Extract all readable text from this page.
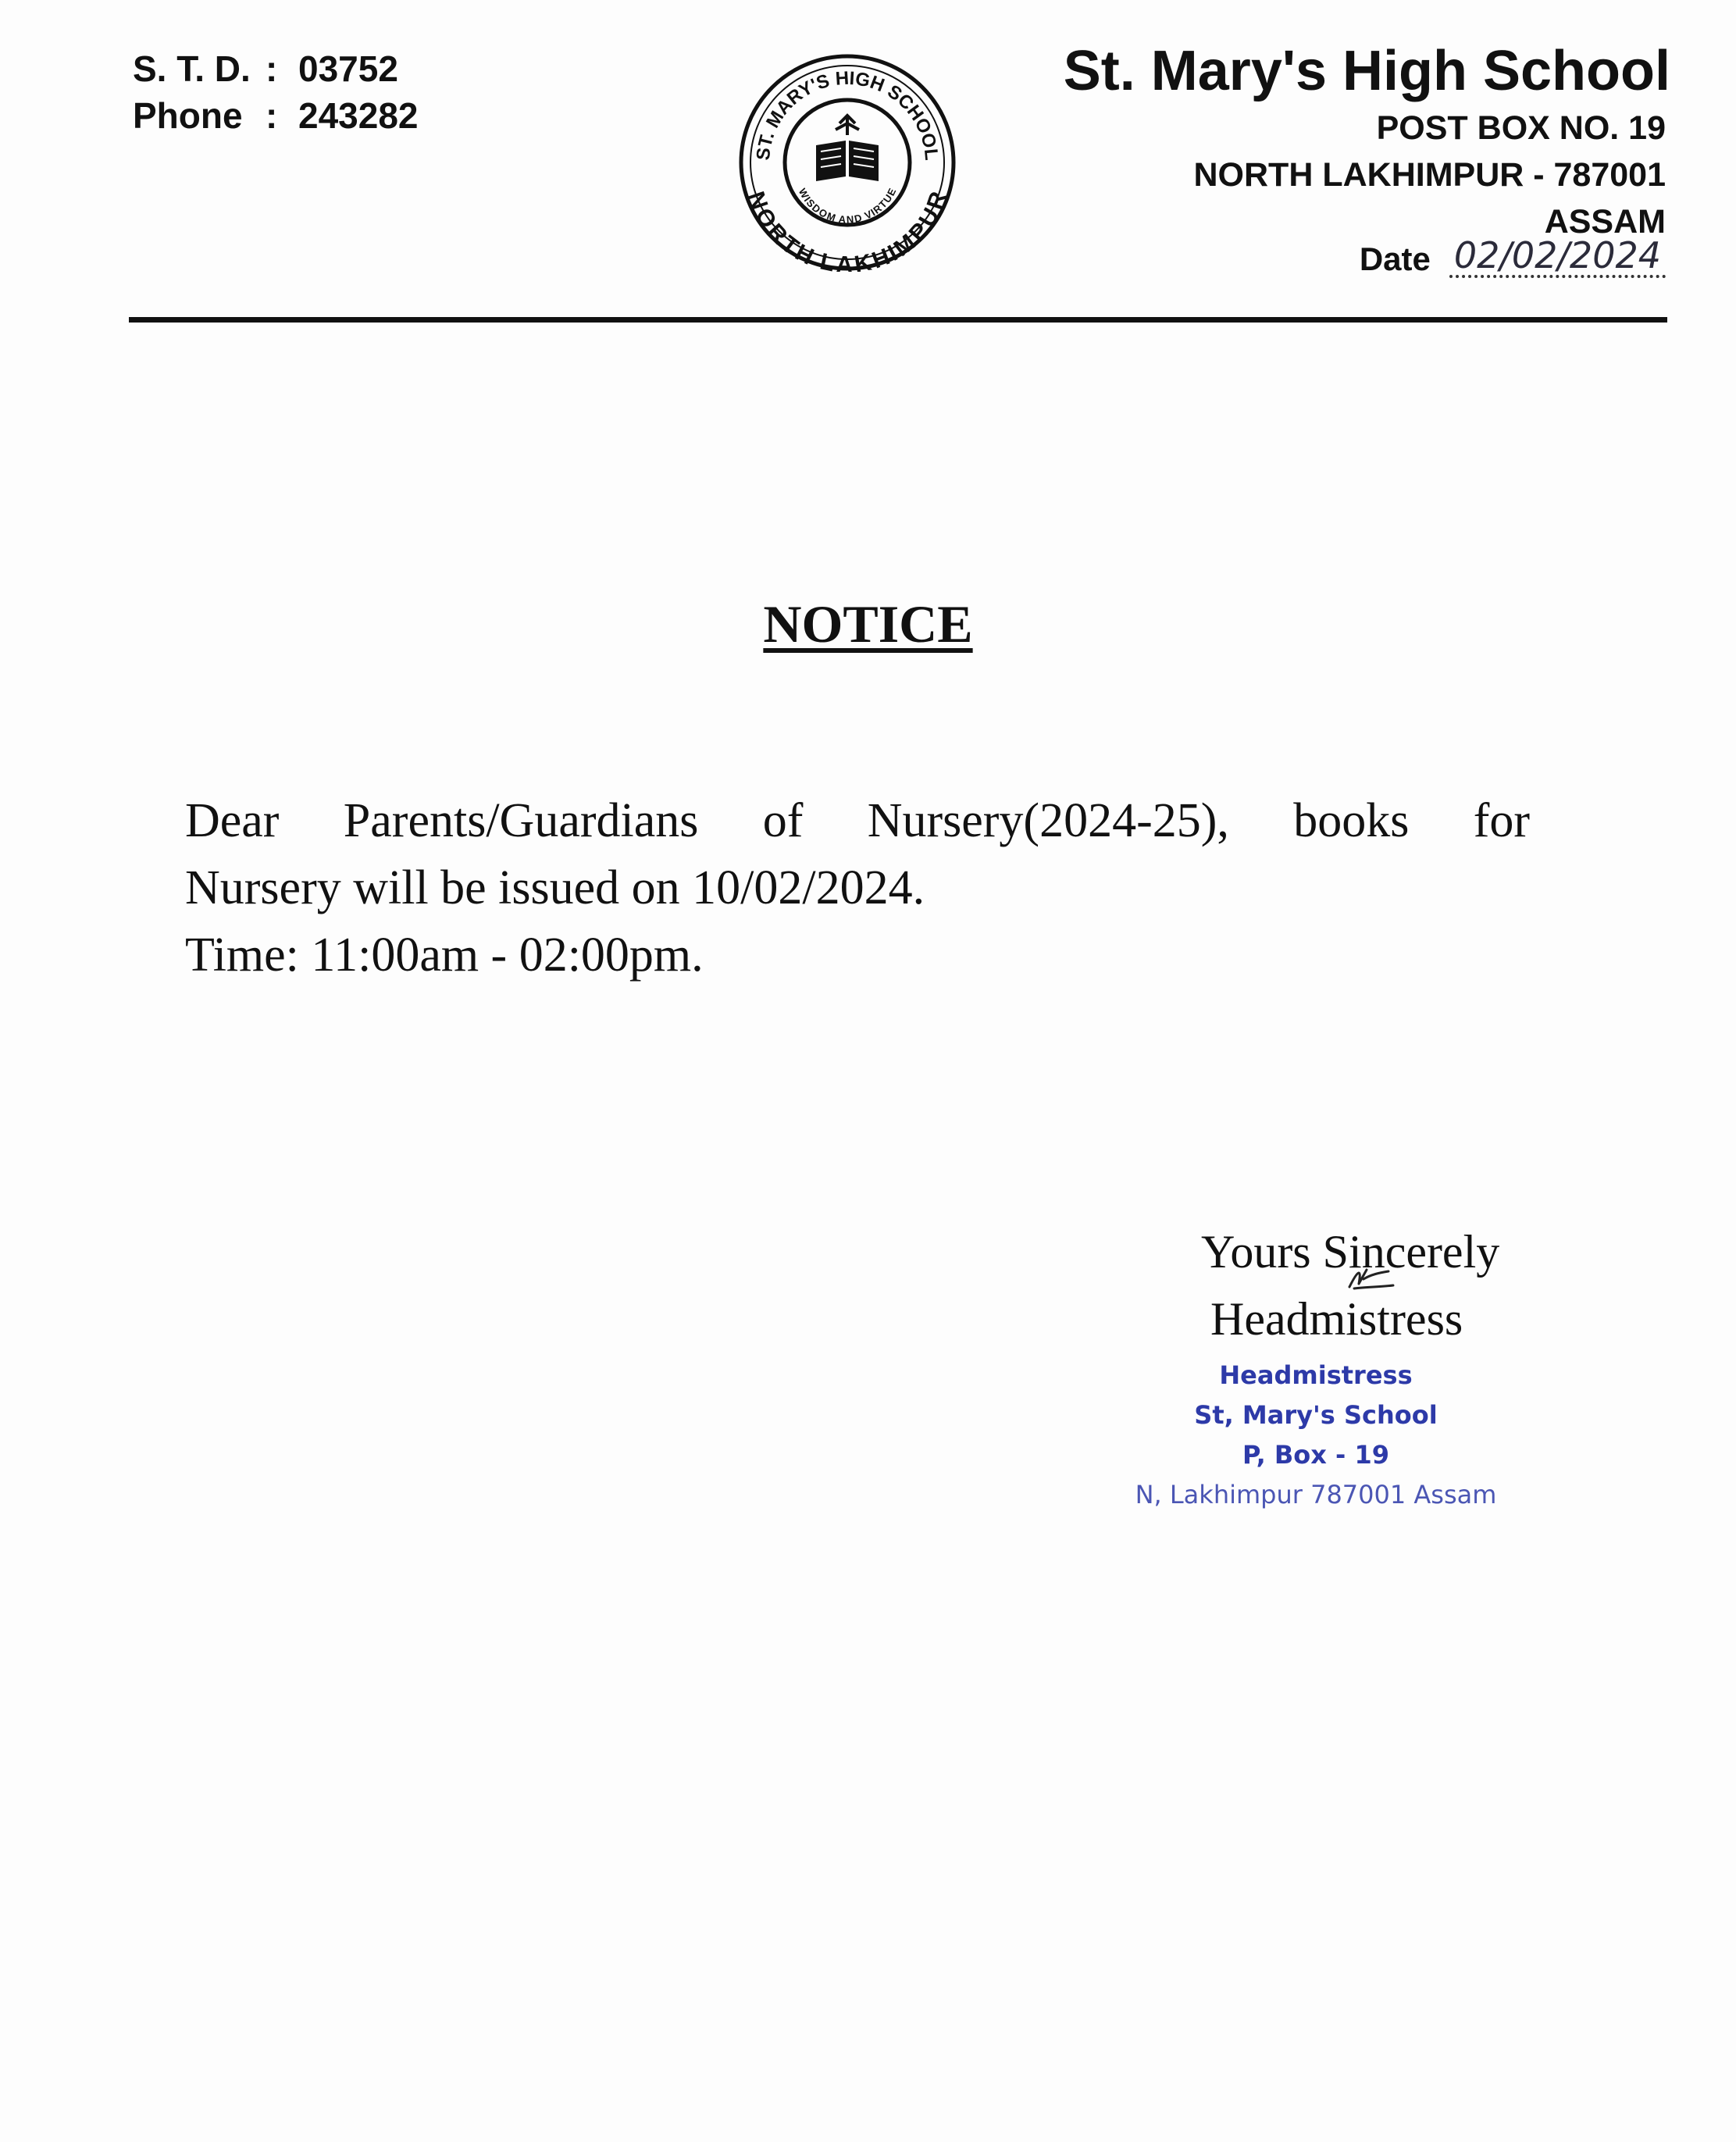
S. T. D. : 03752
Phone : 243282
ST. MARY'S HIGH SCHOOL
NORTH LAKHIMPUR
WISDOM AND VIRTUE
St. Mary's High School
POST BOX NO. 19
NORTH LAKHIMPUR - 787001
ASSAM
Date 02/02/2024
NOTICE

Dear Parents/Guardians of Nursery(2024-25), books for

Nursery will be issued on 10/02/2024.

Time: 11:00am - 02:00pm.

Yours Sincerely
Headmistress
Headmistress
St, Mary's School
P, Box - 19
N, Lakhimpur 787001 Assam
